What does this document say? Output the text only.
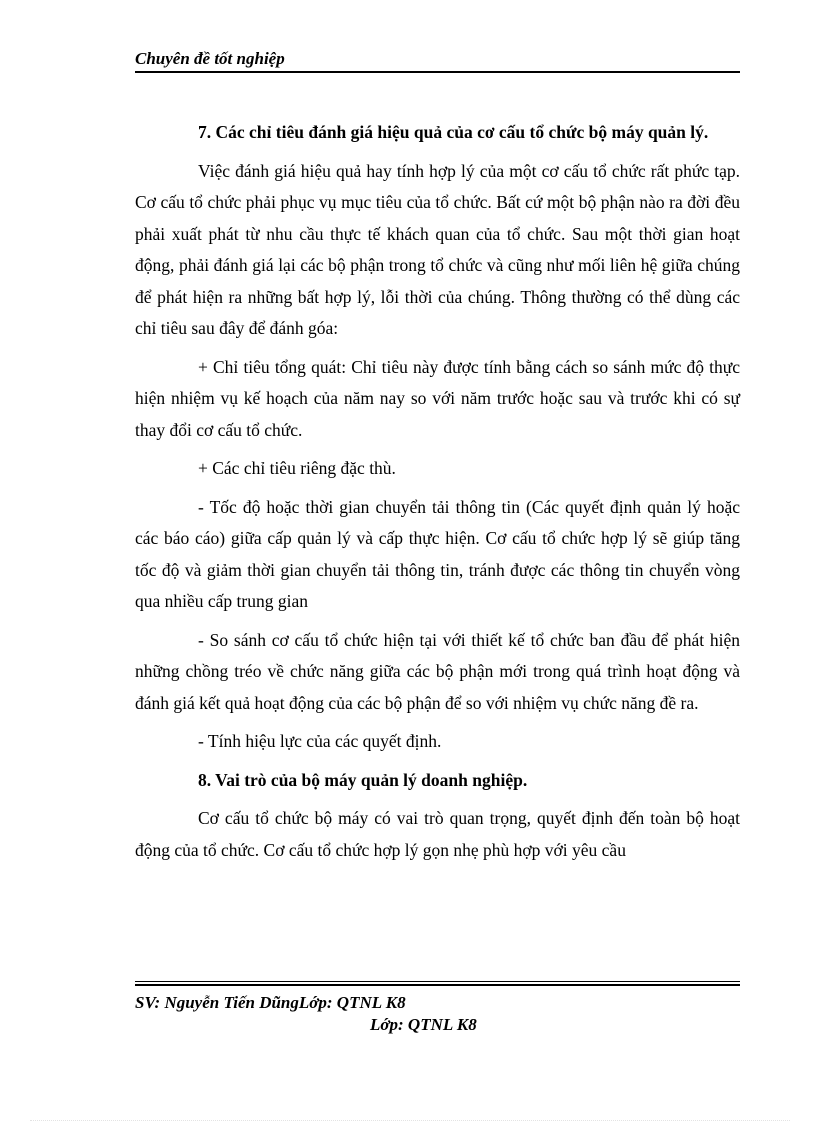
Chuyên đề tốt nghiệp

7. Các chỉ tiêu đánh giá hiệu quả của cơ cấu tổ chức bộ máy quản lý.

Việc đánh giá hiệu quả hay tính hợp lý của một cơ cấu tổ chức rất phức tạp. Cơ cấu tổ chức phải phục vụ mục tiêu của tổ chức. Bất cứ một bộ phận nào ra đời đều phải xuất phát từ nhu cầu thực tế khách quan của tổ chức. Sau một thời gian hoạt động, phải đánh giá lại các bộ phận trong tổ chức và cũng như mối liên hệ giữa chúng để phát hiện ra những bất hợp lý, lỗi thời của chúng. Thông thường có thể dùng các chỉ tiêu sau đây để đánh góa:

+ Chỉ tiêu tổng quát: Chỉ tiêu này được tính bằng cách so sánh mức độ thực hiện nhiệm vụ kế hoạch của năm nay so với năm trước hoặc sau và trước khi có sự thay đổi cơ cấu tổ chức.

+ Các chỉ tiêu riêng đặc thù.

- Tốc độ hoặc thời gian chuyển tải thông tin (Các quyết định quản lý hoặc các báo cáo) giữa cấp quản lý và cấp thực hiện. Cơ cấu tổ chức hợp lý sẽ giúp tăng tốc độ và giảm thời gian chuyển tải thông tin, tránh được các thông tin chuyển vòng qua nhiều cấp trung gian

- So sánh cơ cấu tổ chức hiện tại với thiết kế tổ chức ban đầu để phát hiện những chồng tréo về chức năng giữa các bộ phận mới trong quá trình hoạt động và đánh giá kết quả hoạt động của các bộ phận để so với nhiệm vụ chức năng đề ra.

- Tính hiệu lực của các quyết định.

8. Vai trò của bộ máy quản lý doanh nghiệp.

Cơ cấu tổ chức bộ máy có vai trò quan trọng, quyết định đến toàn bộ hoạt động của tổ chức. Cơ cấu tổ chức hợp lý gọn nhẹ phù hợp với yêu cầu

SV: Nguyễn Tiến DũngLớp: QTNL K8
Lớp: QTNL K8
